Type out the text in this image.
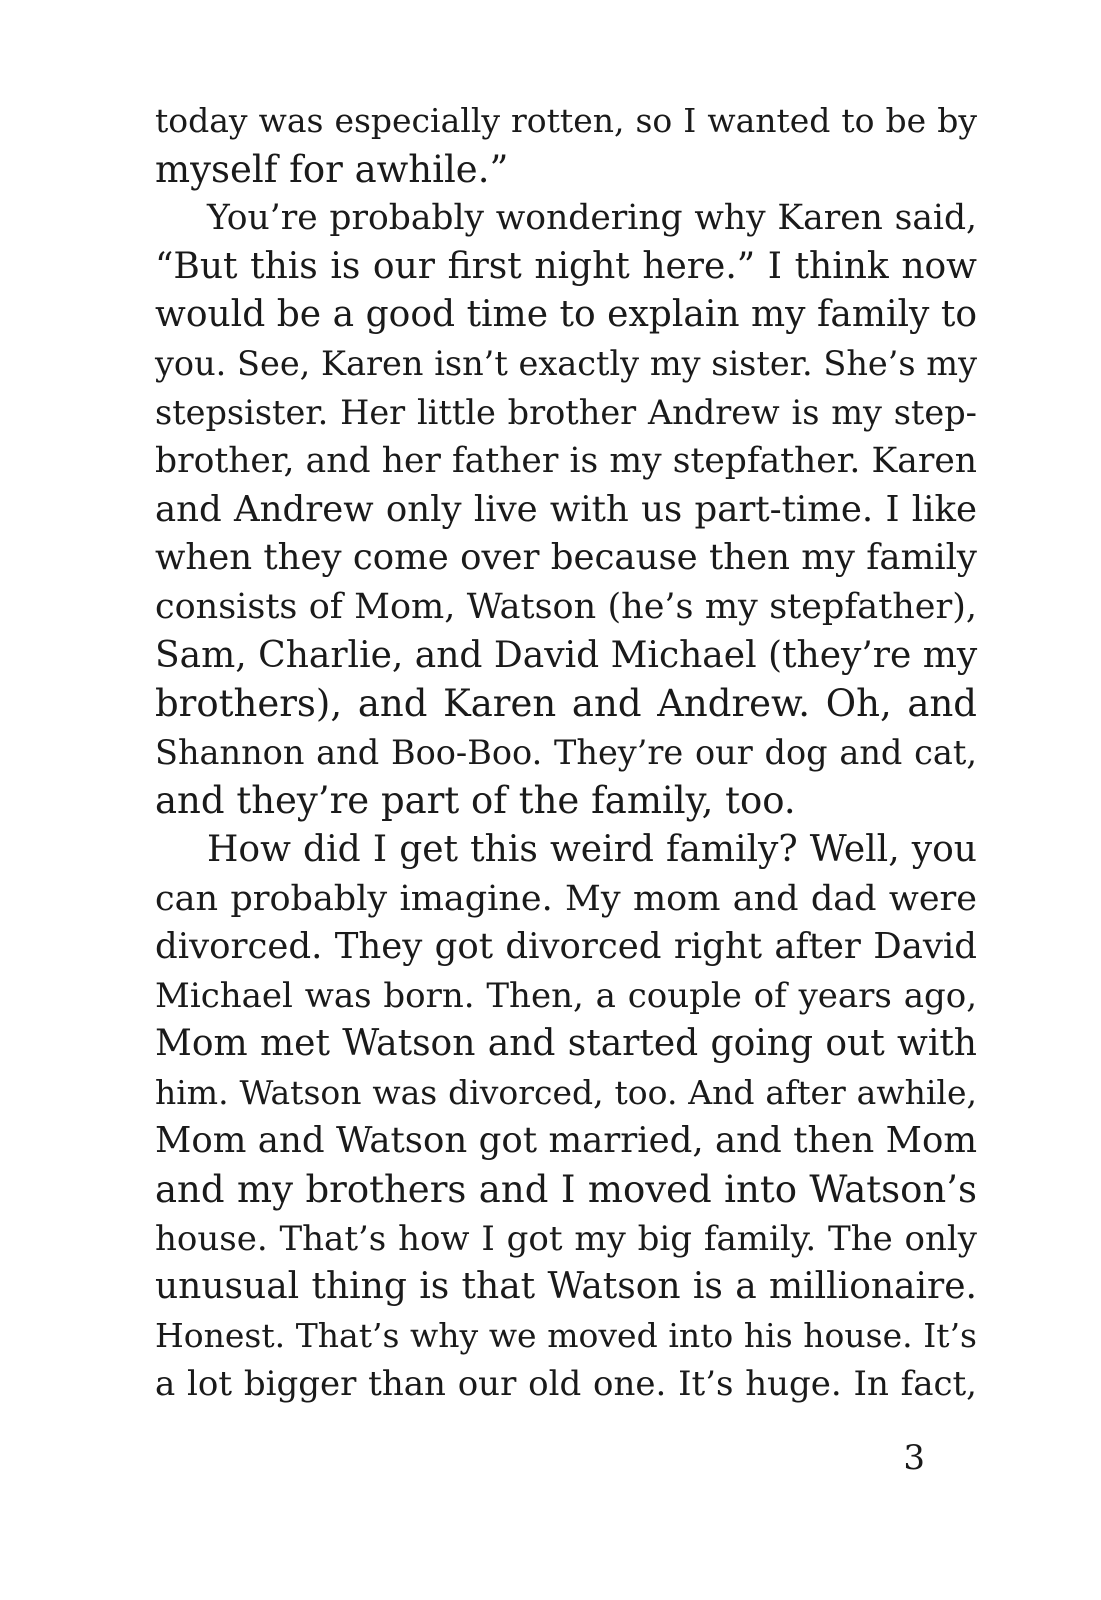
today was especially rotten, so I wanted to be by
myself for awhile.”
You’re probably wondering why Karen said,
“But this is our first night here.” I think now
would be a good time to explain my family to
you. See, Karen isn’t exactly my sister. She’s my
stepsister. Her little brother Andrew is my step-
brother, and her father is my stepfather. Karen
and Andrew only live with us part-time. I like
when they come over because then my family
consists of Mom, Watson (he’s my stepfather),
Sam, Charlie, and David Michael (they’re my
brothers), and Karen and Andrew. Oh, and
Shannon and Boo-Boo. They’re our dog and cat,
and they’re part of the family, too.
How did I get this weird family? Well, you
can probably imagine. My mom and dad were
divorced. They got divorced right after David
Michael was born. Then, a couple of years ago,
Mom met Watson and started going out with
him. Watson was divorced, too. And after awhile,
Mom and Watson got married, and then Mom
and my brothers and I moved into Watson’s
house. That’s how I got my big family. The only
unusual thing is that Watson is a millionaire.
Honest. That’s why we moved into his house. It’s
a lot bigger than our old one. It’s huge. In fact,
3
